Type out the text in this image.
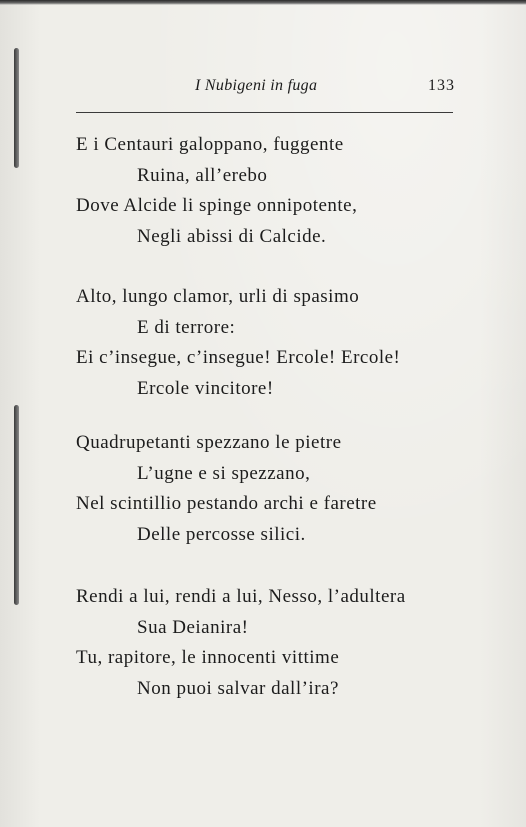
I Nubigeni in fuga	133
E i Centauri galoppano, fuggente
Ruina, all’erebo
Dove Alcide li spinge onnipotente,
Negli abissi di Calcide.
Alto, lungo clamor, urli di spasimo
E di terrore:
Ei c’insegue, c’insegue! Ercole! Ercole!
Ercole vincitore!
Quadrupetanti spezzano le pietre
L’ugne e si spezzano,
Nel scintillio pestando archi e faretre
Delle percosse silici.
Rendi a lui, rendi a lui, Nesso, l’adultera
Sua Deianira!
Tu, rapitore, le innocenti vittime
Non puoi salvar dall’ira?
